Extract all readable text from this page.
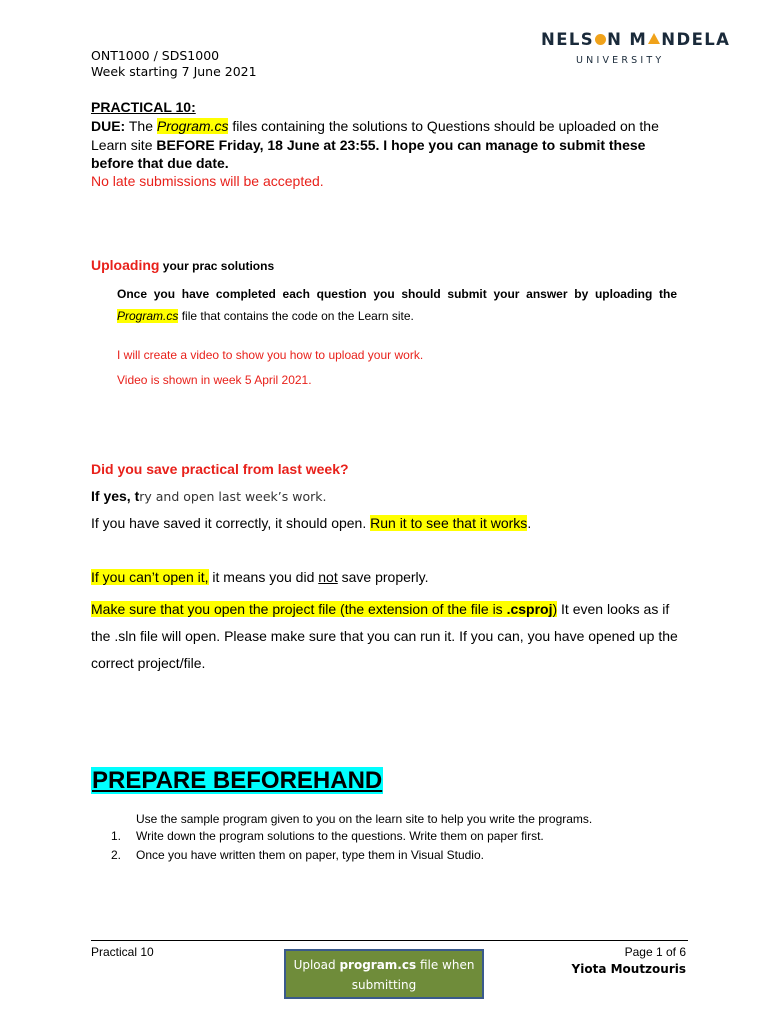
ONT1000 / SDS1000
Week starting 7 June 2021
NELS N M NDELA
UNIVERSITY
PRACTICAL 10:
DUE: The Program.cs files containing the solutions to Questions should be uploaded on the Learn site BEFORE Friday, 18 June at 23:55. I hope you can manage to submit these before that due date.
No late submissions will be accepted.
Uploading your prac solutions
Once you have completed each question you should submit your answer by uploading the Program.cs file that contains the code on the Learn site.
I will create a video to show you how to upload your work.
Video is shown in week 5 April 2021.
Did you save practical from last week?
If yes, try and open last week’s work.
If you have saved it correctly, it should open. Run it to see that it works.
If you can’t open it, it means you did not save properly.
Make sure that you open the project file (the extension of the file is .csproj) It even looks as if the .sln file will open. Please make sure that you can run it. If you can, you have opened up the correct project/file.
PREPARE BEFOREHAND
Use the sample program given to you on the learn site to help you write the programs.
1. Write down the program solutions to the questions. Write them on paper first.
2. Once you have written them on paper, type them in Visual Studio.
Practical 10	Page 1 of 6
Yiota Moutzouris
Upload program.cs file when submitting
